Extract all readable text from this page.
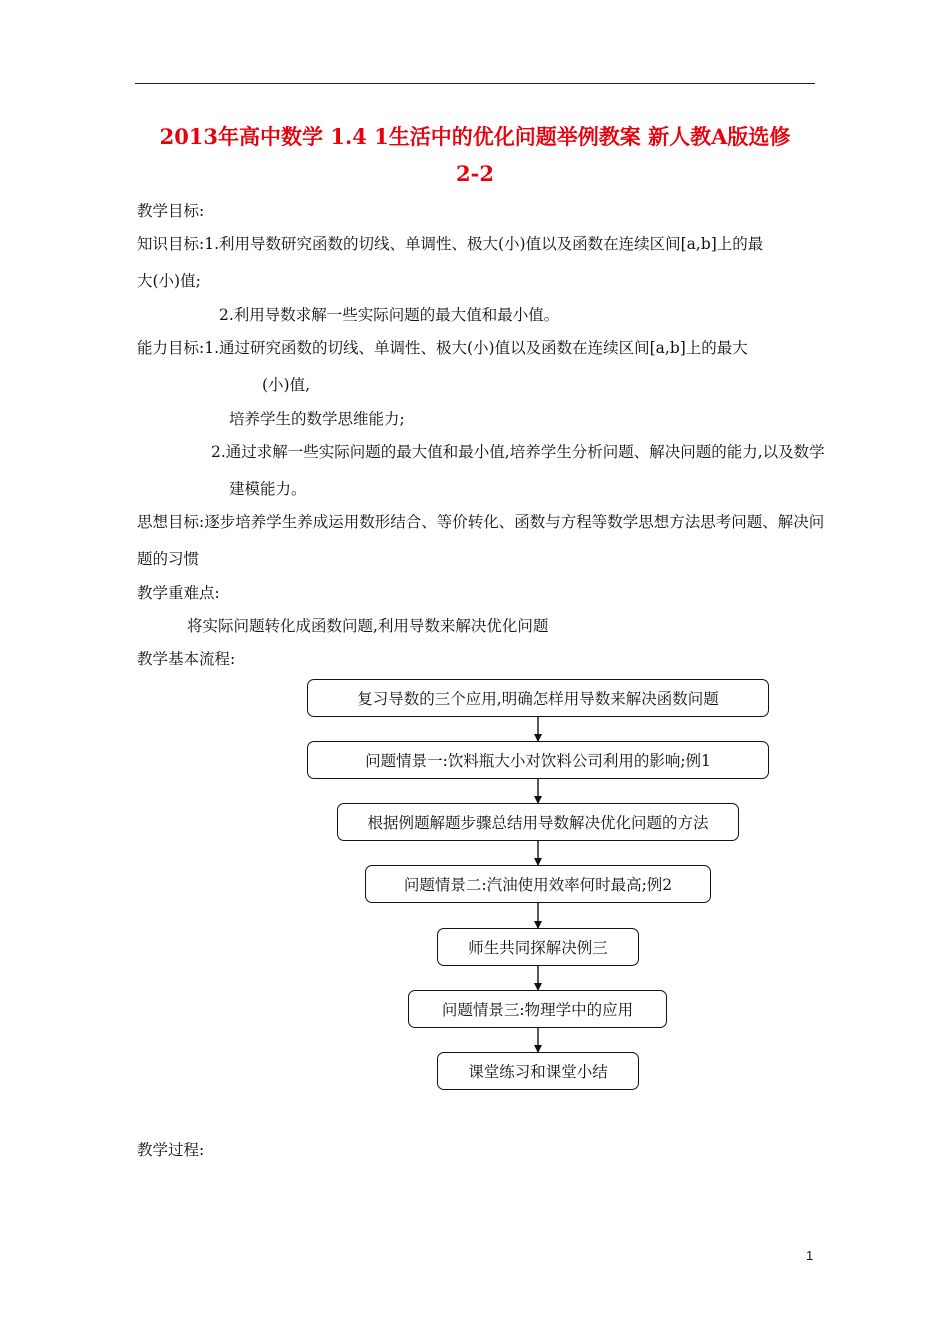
2013年高中数学 1.4 1生活中的优化问题举例教案 新人教A版选修
2-2
教学目标:
知识目标:1.利用导数研究函数的切线、单调性、极大(小)值以及函数在连续区间[a,b]上的最
大(小)值;
2.利用导数求解一些实际问题的最大值和最小值。
能力目标:1.通过研究函数的切线、单调性、极大(小)值以及函数在连续区间[a,b]上的最大
(小)值,
培养学生的数学思维能力;
2.通过求解一些实际问题的最大值和最小值,培养学生分析问题、解决问题的能力,以及数学
建模能力。
思想目标:逐步培养学生养成运用数形结合、等价转化、函数与方程等数学思想方法思考问题、解决问
题的习惯
教学重难点:
将实际问题转化成函数问题,利用导数来解决优化问题
教学基本流程:
复习导数的三个应用,明确怎样用导数来解决函数问题
问题情景一:饮料瓶大小对饮料公司利用的影响;例1
根据例题解题步骤总结用导数解决优化问题的方法
问题情景二:汽油使用效率何时最高;例2
师生共同探解决例三
问题情景三:物理学中的应用
课堂练习和课堂小结
教学过程:
1
